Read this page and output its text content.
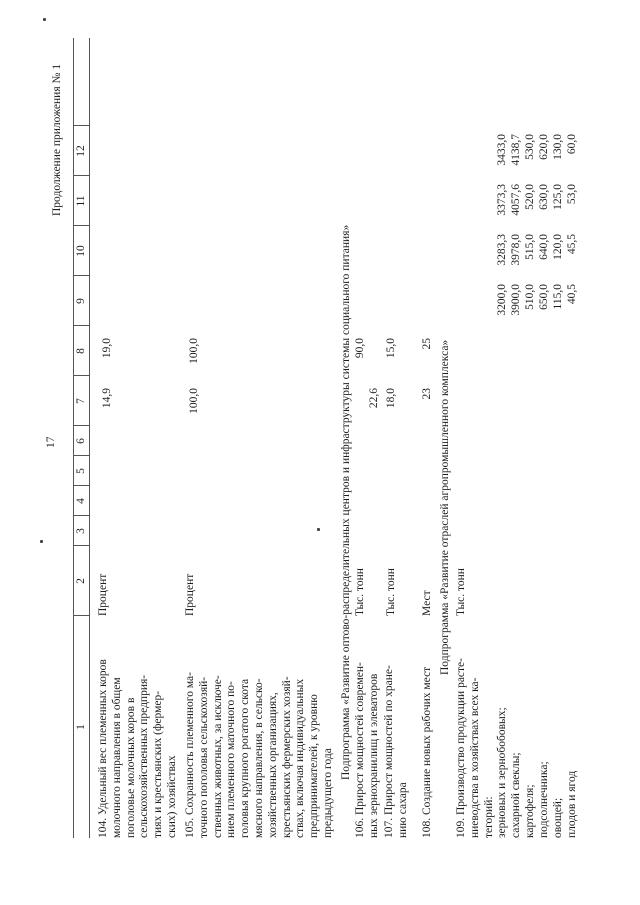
17
Продолжение приложения № 1
1
2
3
4
5
6
7
8
9
10
11
12
104. Удельный вес племенных коров
молочного направления в общем
поголовье молочных коров в
сельскохозяйственных предприя-
тиях и крестьянских (фермер-
ских) хозяйствах
Процент
14,9
19,0
105. Сохранность племенного ма-
точного поголовья сельскохозяй-
ственных животных, за исключе-
нием племенного маточного по-
головья крупного рогатого скота
мясного направления, в сельско-
хозяйственных организациях,
крестьянских фермерских хозяй-
ствах, включая индивидуальных
предпринимателей, к уровню
предыдущего года
Процент
100,0
100,0	Подпрограмма «Развитие оптово-распределительных центров и инфраструктуры системы социального питания»
106. Прирост мощностей современ-
ных зернохранилищ и элеваторов
Тыс. тонн
22,6
90,0
107. Прирост мощностей по хране-
нию сахара
Тыс. тонн
18,0
15,0
108. Создание новых рабочих мест
Мест
23
25 Подпрограмма «Развитие отраслей агропромышленного комплекса»
109. Производство продукции расте-
ниеводства в хозяйствах всех ка-
тегорий:
Тыс. тонн
зерновых и зернобобовых;
3200,0
3283,3
3373,3
3433,0
сахарной свеклы;
3900,0
3978,0
4057,6
4138,7
картофеля;
510,0
515,0
520,0
530,0
подсолнечника;
650,0
640,0
630,0
620,0
овощей;
115,0
120,0
125,0
130,0
плодов и ягод
40,5
45,5
53,0
60,0
